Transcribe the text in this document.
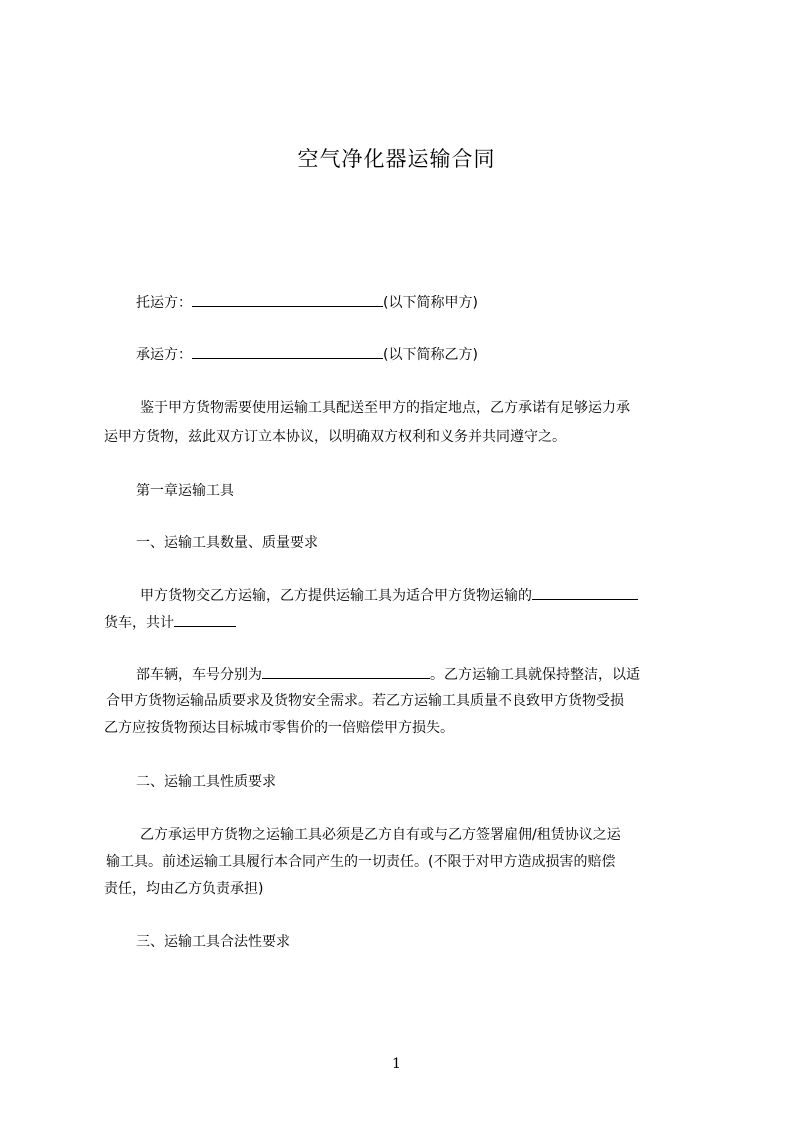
空气净化器运输合同
托运方：	(以下简称甲方)
承运方：	(以下简称乙方)
鉴于甲方货物需要使用运输工具配送至甲方的指定地点，乙方承诺有足够运力承
运甲方货物，兹此双方订立本协议，以明确双方权利和义务并共同遵守之。
第一章运输工具
一、运输工具数量、质量要求
甲方货物交乙方运输，乙方提供运输工具为适合甲方货物运输的
货车，共计
部车辆，车号分别为	。乙方运输工具就保持整洁，以适
合甲方货物运输品质要求及货物安全需求。若乙方运输工具质量不良致甲方货物受损
乙方应按货物预达目标城市零售价的一倍赔偿甲方损失。
二、运输工具性质要求
乙方承运甲方货物之运输工具必须是乙方自有或与乙方签署雇佣/租赁协议之运
输工具。前述运输工具履行本合同产生的一切责任。(不限于对甲方造成损害的赔偿
责任，均由乙方负责承担)
三、运输工具合法性要求
1
